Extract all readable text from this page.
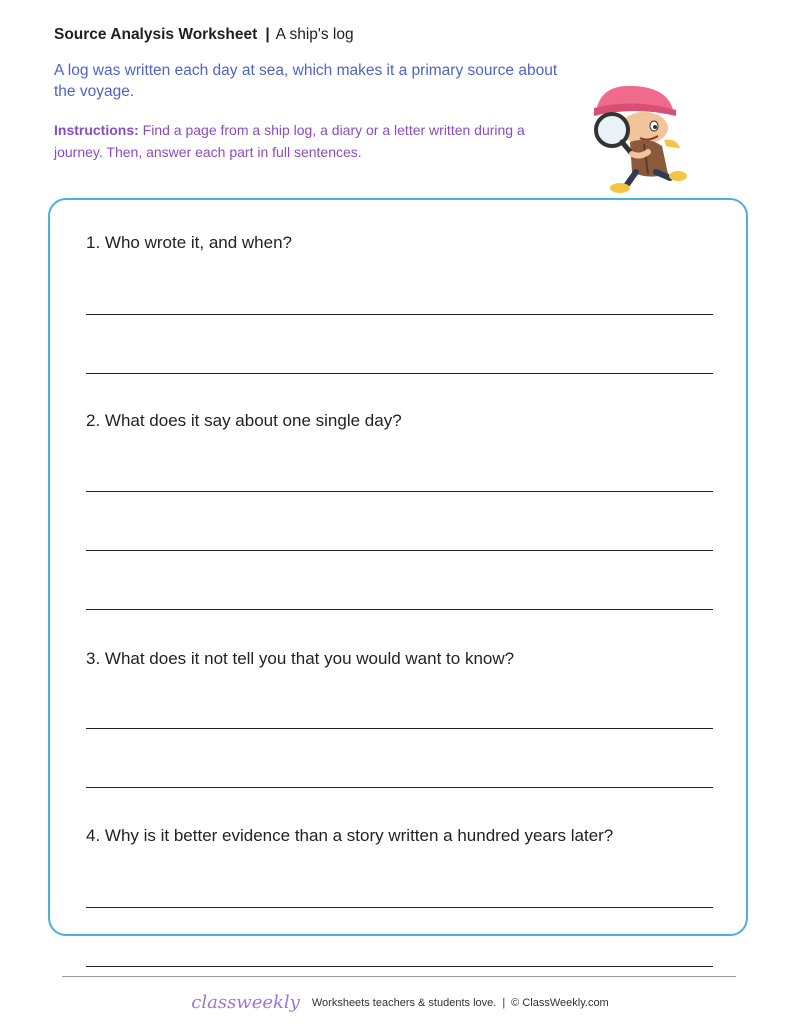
Source Analysis Worksheet | A ship's log
A log was written each day at sea, which makes it a primary source about the voyage.
Instructions: Find a page from a ship log, a diary or a letter written during a journey. Then, answer each part in full sentences.
1. Who wrote it, and when?
2. What does it say about one single day?
3. What does it not tell you that you would want to know?
4. Why is it better evidence than a story written a hundred years later?
classweekly Worksheets teachers & students love. | © ClassWeekly.com
